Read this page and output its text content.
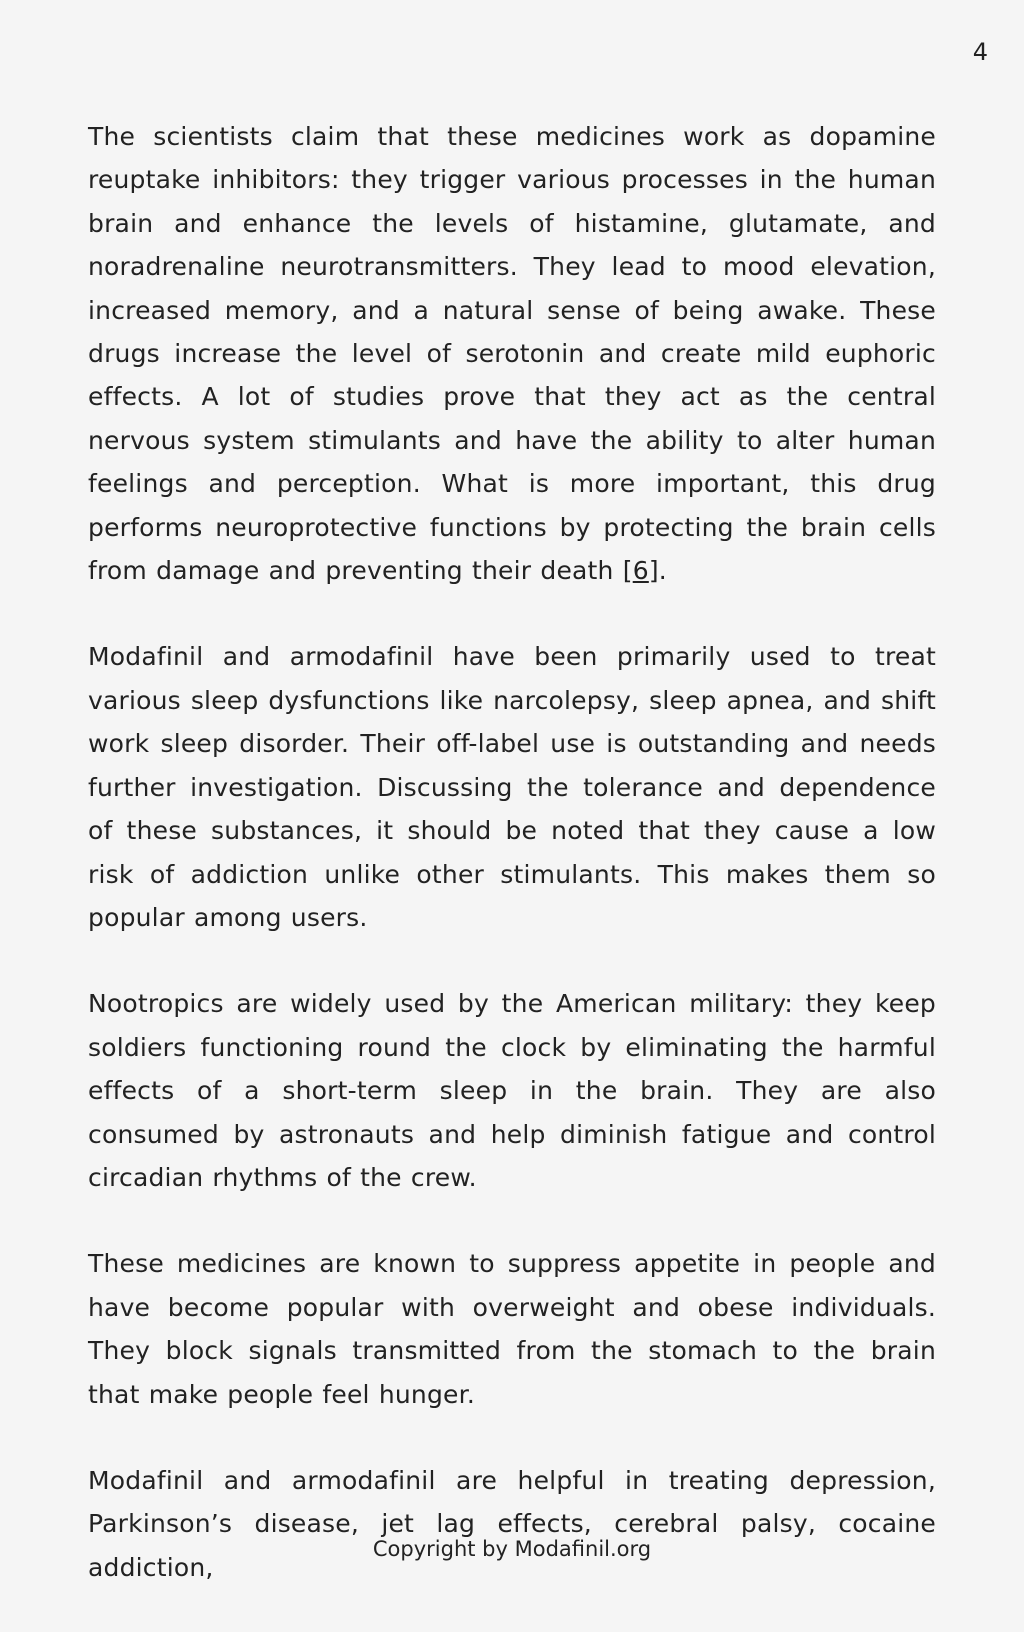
4

The scientists claim that these medicines work as dopamine reuptake inhibitors: they trigger various processes in the human brain and enhance the levels of histamine, glutamate, and noradrenaline neurotransmitters. They lead to mood elevation, increased memory, and a natural sense of being awake. These drugs increase the level of serotonin and create mild euphoric effects. A lot of studies prove that they act as the central nervous system stimulants and have the ability to alter human feelings and perception. What is more important, this drug performs neuroprotective functions by protecting the brain cells from damage and preventing their death [6].

Modafinil and armodafinil have been primarily used to treat various sleep dysfunctions like narcolepsy, sleep apnea, and shift work sleep disorder. Their off-label use is outstanding and needs further investigation. Discussing the tolerance and dependence of these substances, it should be noted that they cause a low risk of addiction unlike other stimulants. This makes them so popular among users.

Nootropics are widely used by the American military: they keep soldiers functioning round the clock by eliminating the harmful effects of a short-term sleep in the brain. They are also consumed by astronauts and help diminish fatigue and control circadian rhythms of the crew.

These medicines are known to suppress appetite in people and have become popular with overweight and obese individuals. They block signals transmitted from the stomach to the brain that make people feel hunger.

Modafinil and armodafinil are helpful in treating depression, Parkinson’s disease, jet lag effects, cerebral palsy, cocaine addiction,

Copyright by Modafinil.org
